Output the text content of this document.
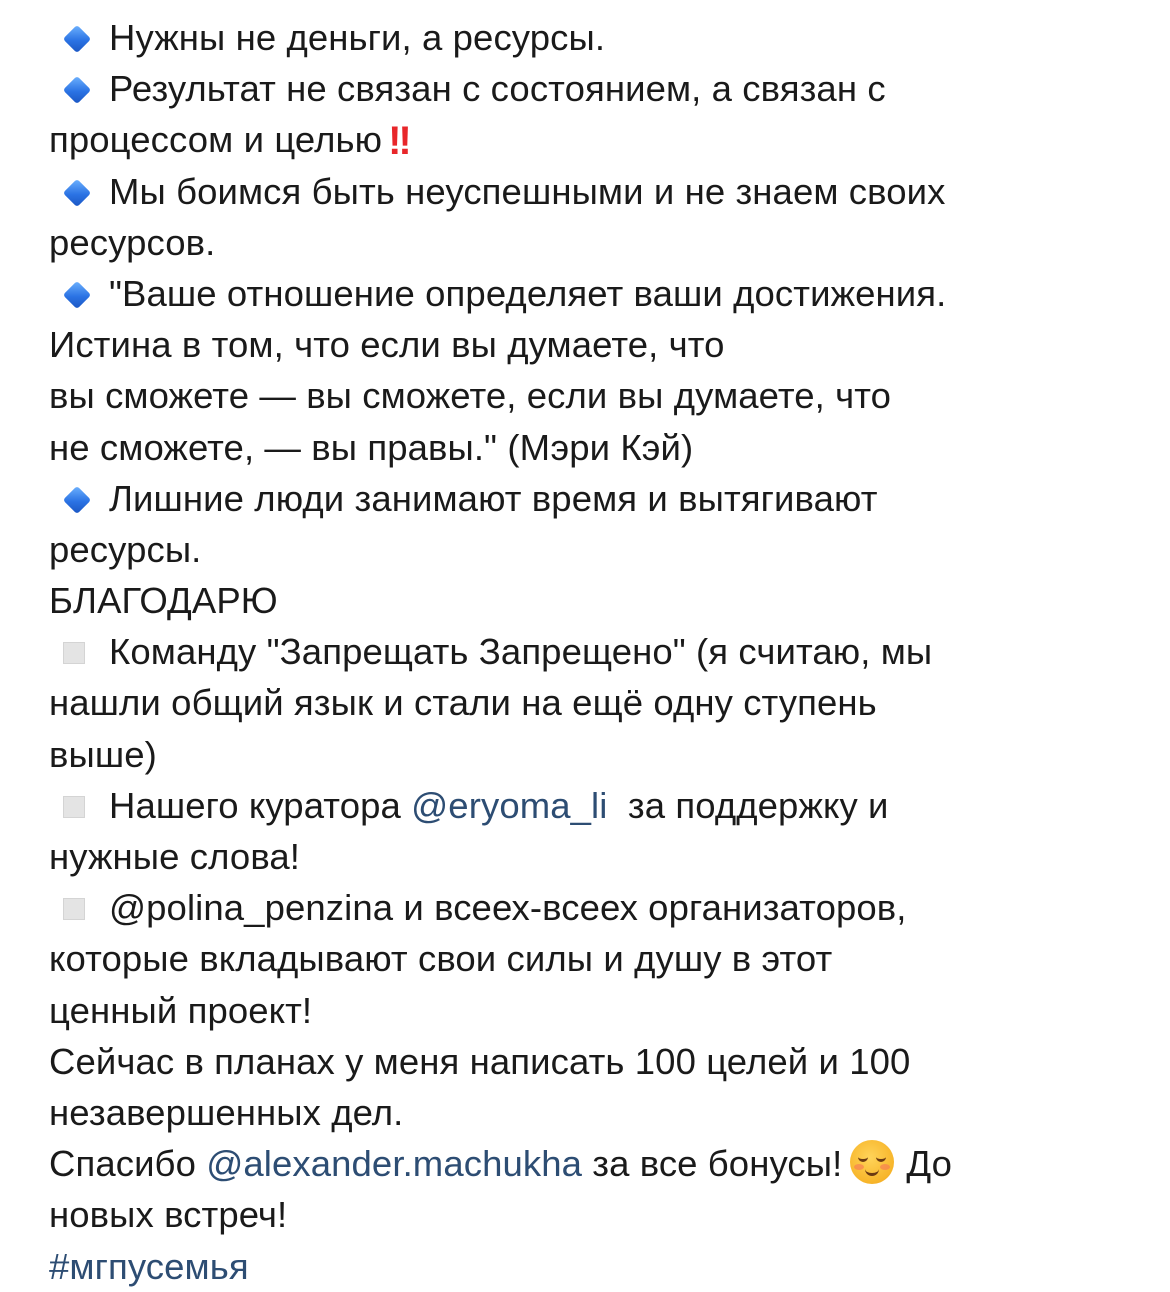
Нужны не деньги, а ресурсы.
Результат не связан с состоянием, а связан с
процессом и целью !!
Мы боимся быть неуспешными и не знаем своих
ресурсов.
"Ваше отношение определяет ваши достижения.
Истина в том, что если вы думаете, что
вы сможете — вы сможете, если вы думаете, что
не сможете, — вы правы." (Мэри Кэй)
Лишние люди занимают время и вытягивают
ресурсы.
БЛАГОДАРЮ
Команду "Запрещать Запрещено" (я считаю, мы
нашли общий язык и стали на ещё одну ступень
выше)
Нашего куратора @eryoma_li за поддержку и
нужные слова!
@polina_penzina и всеех-всеех организаторов,
которые вкладывают свои силы и душу в этот
ценный проект!
Сейчас в планах у меня написать 100 целей и 100
незавершенных дел.
Спасибо @alexander.machukha за все бонусы! До
новых встреч!
#мгпусемья
